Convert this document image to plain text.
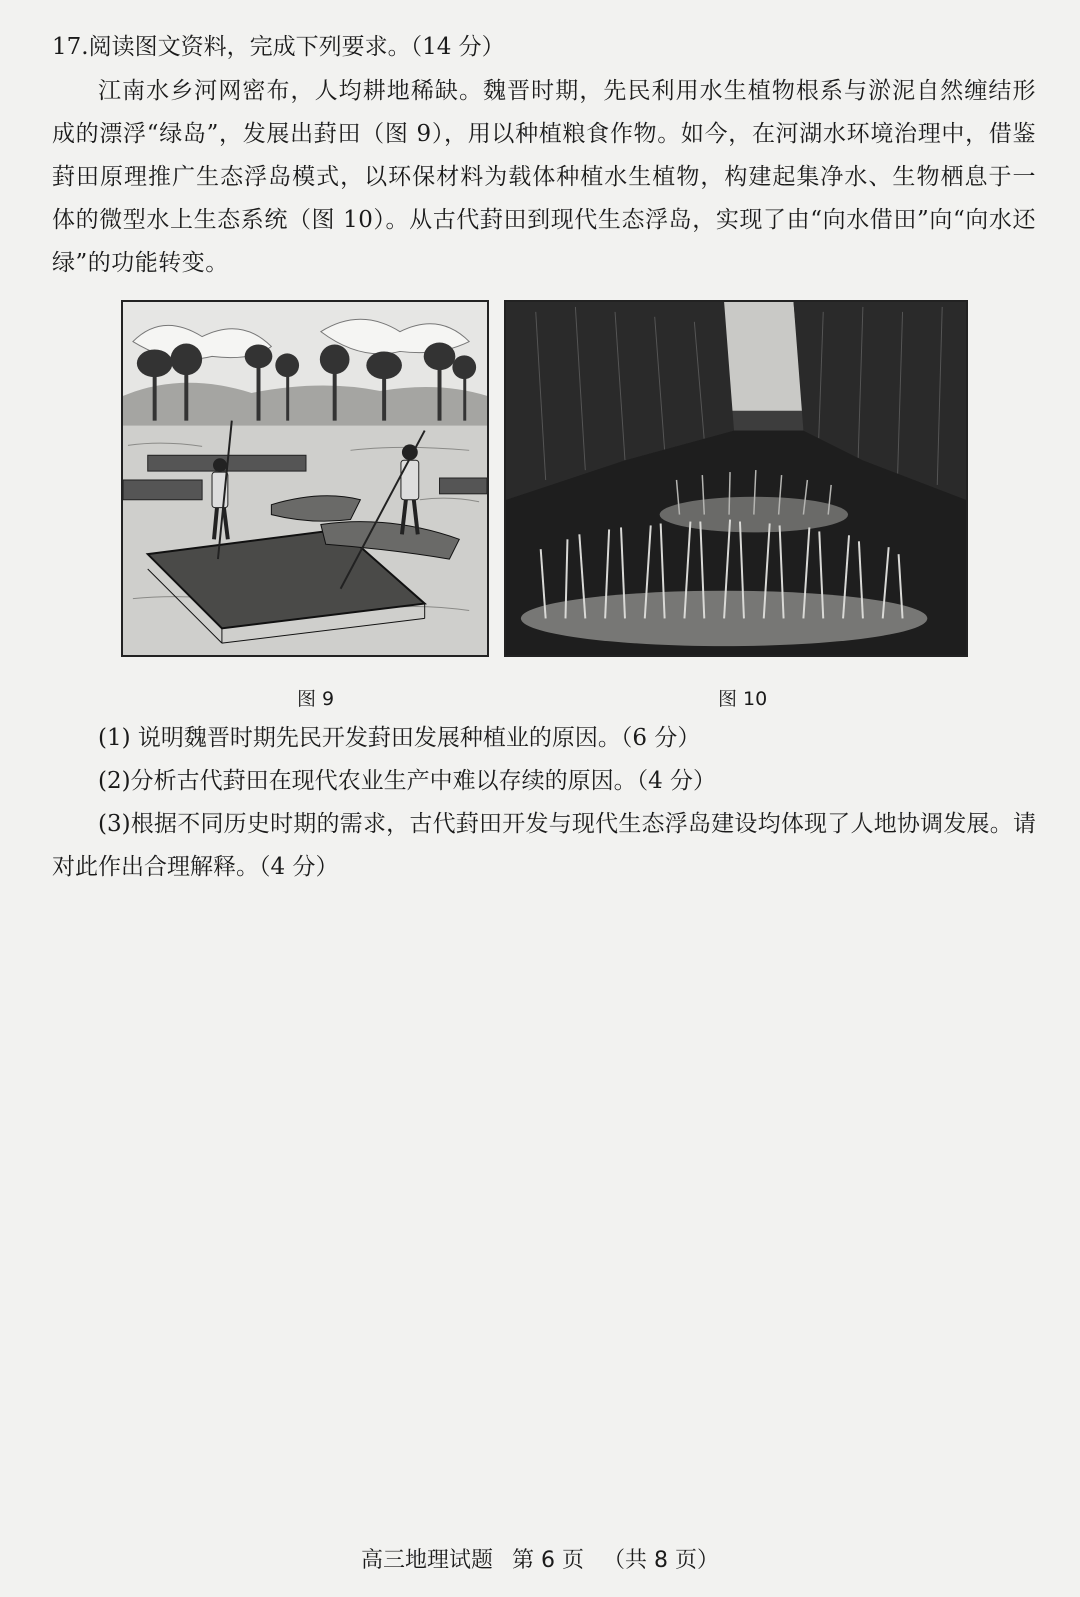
17.阅读图文资料，完成下列要求。（14 分）

江南水乡河网密布，人均耕地稀缺。魏晋时期，先民利用水生植物根系与淤泥自然缠结形成的漂浮“绿岛”，发展出葑田（图 9），用以种植粮食作物。如今，在河湖水环境治理中，借鉴葑田原理推广生态浮岛模式，以环保材料为载体种植水生植物，构建起集净水、生物栖息于一体的微型水上生态系统（图 10）。从古代葑田到现代生态浮岛，实现了由“向水借田”向“向水还绿”的功能转变。

图 9	图 10

(1) 说明魏晋时期先民开发葑田发展种植业的原因。（6 分）

(2)分析古代葑田在现代农业生产中难以存续的原因。（4 分）

(3)根据不同历史时期的需求，古代葑田开发与现代生态浮岛建设均体现了人地协调发展。请对此作出合理解释。（4 分）

高三地理试题 第 6 页 （共 8 页）
